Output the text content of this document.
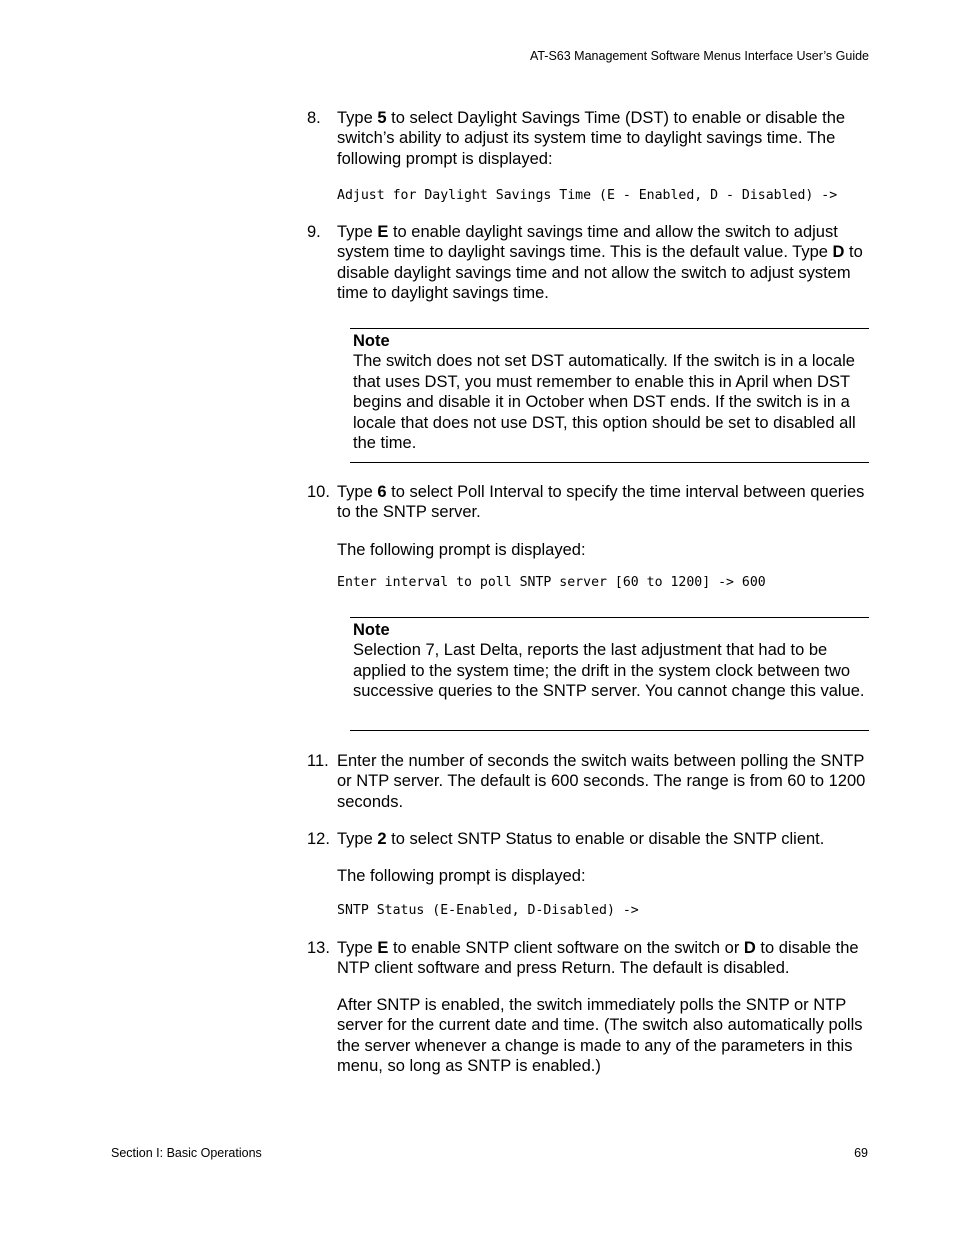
AT-S63 Management Software Menus Interface User’s Guide
8. Type 5 to select Daylight Savings Time (DST) to enable or disable the switch’s ability to adjust its system time to daylight savings time. The following prompt is displayed:
Adjust for Daylight Savings Time (E - Enabled, D - Disabled) ->
9. Type E to enable daylight savings time and allow the switch to adjust system time to daylight savings time. This is the default value. Type D to disable daylight savings time and not allow the switch to adjust system time to daylight savings time.
Note
The switch does not set DST automatically. If the switch is in a locale that uses DST, you must remember to enable this in April when DST begins and disable it in October when DST ends. If the switch is in a locale that does not use DST, this option should be set to disabled all the time.
10. Type 6 to select Poll Interval to specify the time interval between queries to the SNTP server.
The following prompt is displayed:
Enter interval to poll SNTP server [60 to 1200] -> 600
Note
Selection 7, Last Delta, reports the last adjustment that had to be applied to the system time; the drift in the system clock between two successive queries to the SNTP server. You cannot change this value.
11. Enter the number of seconds the switch waits between polling the SNTP or NTP server. The default is 600 seconds. The range is from 60 to 1200 seconds.
12. Type 2 to select SNTP Status to enable or disable the SNTP client.
The following prompt is displayed:
SNTP Status (E-Enabled, D-Disabled) ->
13. Type E to enable SNTP client software on the switch or D to disable the NTP client software and press Return. The default is disabled.
After SNTP is enabled, the switch immediately polls the SNTP or NTP server for the current date and time. (The switch also automatically polls the server whenever a change is made to any of the parameters in this menu, so long as SNTP is enabled.)
Section I: Basic Operations	69
